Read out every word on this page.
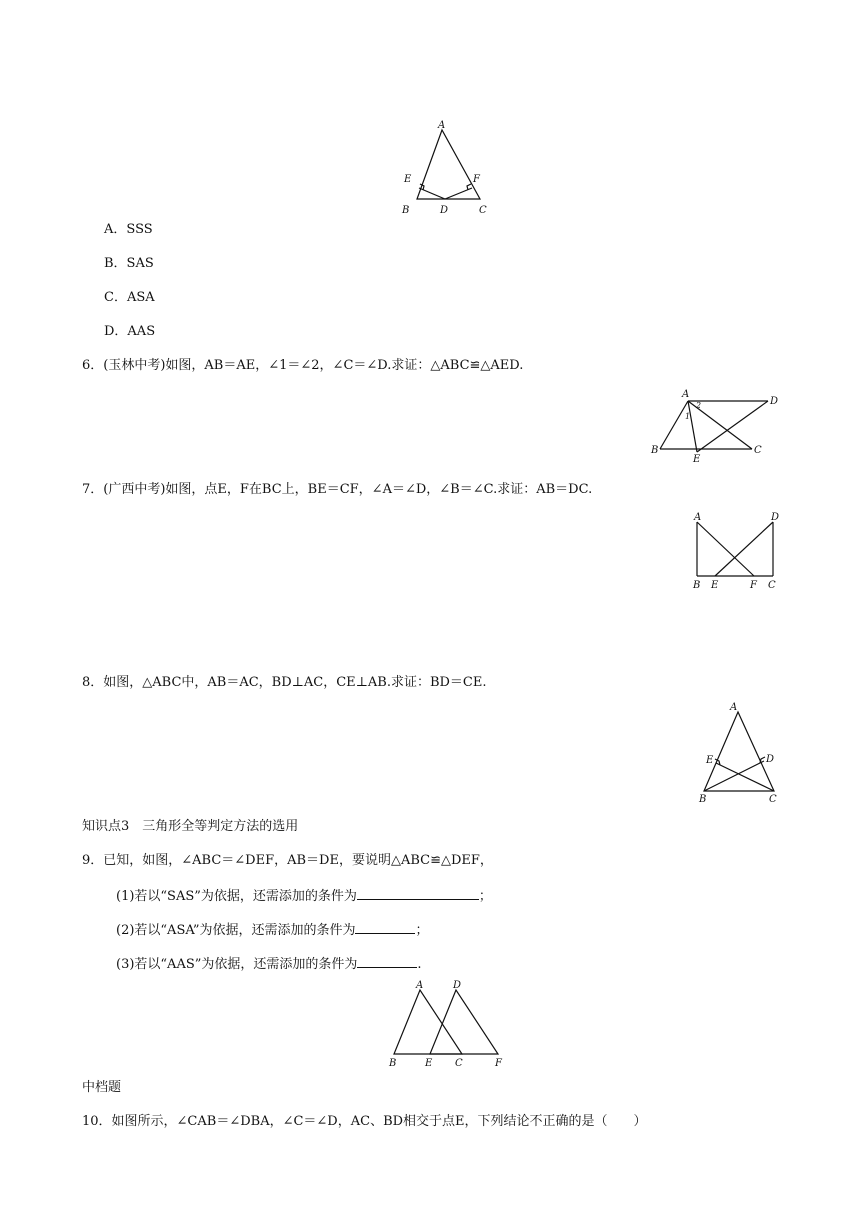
A
B	D	C
E	F
A．SSS
B．SAS
C．ASA
D．AAS
6．(玉林中考)如图，AB＝AE，∠1＝∠2，∠C＝∠D.求证：△ABC≌△AED.
A
D
B	C
E
1
2
7．(广西中考)如图，点E，F在BC上，BE＝CF，∠A＝∠D，∠B＝∠C.求证：AB＝DC.
A	D
B E	F C
8．如图，△ABC中，AB＝AC，BD⊥AC，CE⊥AB.求证：BD＝CE.
A
E	D
B	C
知识点3　三角形全等判定方法的选用
9．已知，如图，∠ABC＝∠DEF，AB＝DE，要说明△ABC≌△DEF，
(1)若以“SAS”为依据，还需添加的条件为	；
(2)若以“ASA”为依据，还需添加的条件为	；
(3)若以“AAS”为依据，还需添加的条件为	.
A	D
B	E C	F
中档题
10．如图所示，∠CAB＝∠DBA，∠C＝∠D，AC、BD相交于点E，下列结论不正确的是（　　）
